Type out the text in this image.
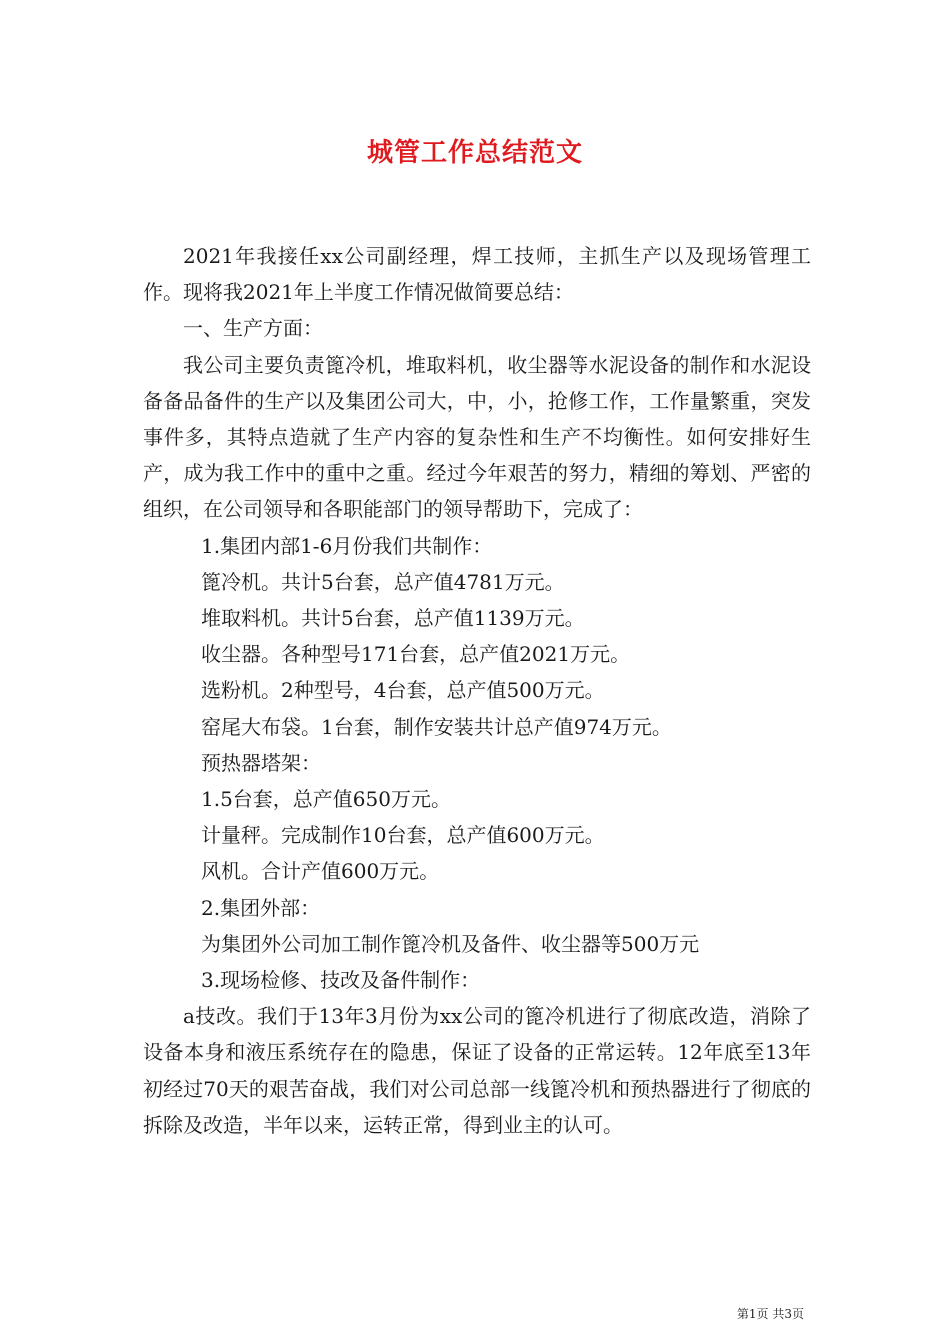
城管工作总结范文

2021年我接任xx公司副经理，焊工技师，主抓生产以及现场管理工作。现将我2021年上半度工作情况做简要总结：

一、生产方面：

我公司主要负责篦冷机，堆取料机，收尘器等水泥设备的制作和水泥设备备品备件的生产以及集团公司大，中，小，抢修工作，工作量繁重，突发事件多，其特点造就了生产内容的复杂性和生产不均衡性。如何安排好生产，成为我工作中的重中之重。经过今年艰苦的努力，精细的筹划、严密的组织，在公司领导和各职能部门的领导帮助下，完成了：

1.集团内部1-6月份我们共制作：

篦冷机。共计5台套，总产值4781万元。

堆取料机。共计5台套，总产值1139万元。

收尘器。各种型号171台套，总产值2021万元。

选粉机。2种型号，4台套，总产值500万元。

窑尾大布袋。1台套，制作安装共计总产值974万元。

预热器塔架：

1.5台套，总产值650万元。

计量秤。完成制作10台套，总产值600万元。

风机。合计产值600万元。

2.集团外部：

为集团外公司加工制作篦冷机及备件、收尘器等500万元

3.现场检修、技改及备件制作：

a技改。我们于13年3月份为xx公司的篦冷机进行了彻底改造，消除了设备本身和液压系统存在的隐患，保证了设备的正常运转。12年底至13年初经过70天的艰苦奋战，我们对公司总部一线篦冷机和预热器进行了彻底的拆除及改造，半年以来，运转正常，得到业主的认可。

第1页 共3页
